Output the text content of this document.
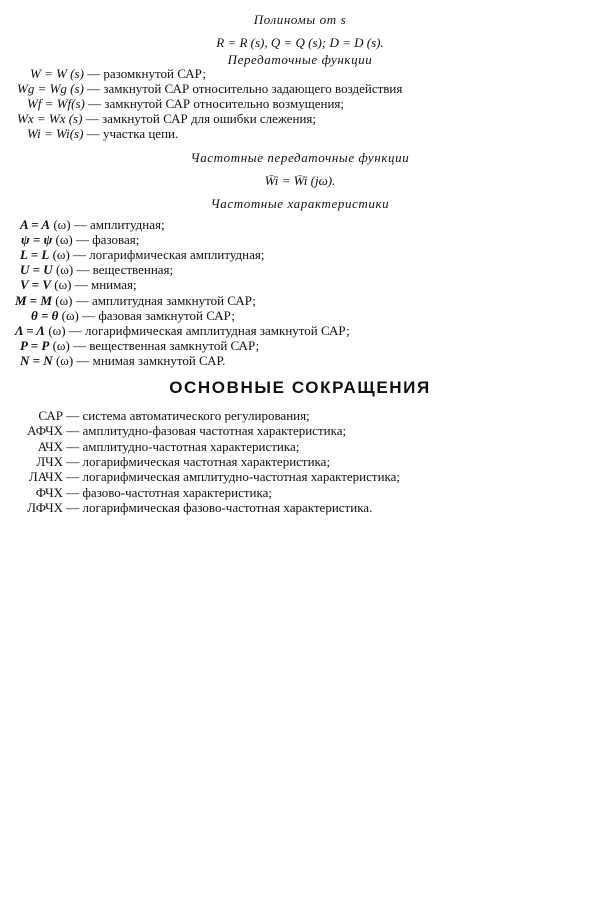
Полиномы от s
R = R (s), Q = Q (s); D = D (s).
Передаточные функции
W = W (s) — разомкнутой САР;
Wg = Wg (s) — замкнутой САР относительно задающего воздействия
Wf = Wf(s) — замкнутой САР относительно возмущения;
Wx = Wx (s) — замкнутой САР для ошибки слежения;
Wi = Wi(s) — участка цепи.
Частотные передаточные функции
W̄i = W̄i (jω).
Частотные характеристики
A = A (ω) — амплитудная;
ψ = ψ (ω) — фазовая;
L = L (ω) — логарифмическая амплитудная;
U = U (ω) — вещественная;
V = V (ω) — мнимая;
M = M (ω) — амплитудная замкнутой САР;
θ = θ (ω) — фазовая замкнутой САР;
Λ = Λ (ω) — логарифмическая амплитудная замкнутой САР;
P = P (ω) — вещественная замкнутой САР;
N = N (ω) — мнимая замкнутой САР.
ОСНОВНЫЕ СОКРАЩЕНИЯ
САР — система автоматического регулирования;
АФЧХ — амплитудно-фазовая частотная характеристика;
АЧХ — амплитудно-частотная характеристика;
ЛЧХ — логарифмическая частотная характеристика;
ЛАЧХ — логарифмическая амплитудно-частотная характеристика;
ФЧХ — фазово-частотная характеристика;
ЛФЧХ — логарифмическая фазово-частотная характеристика.
